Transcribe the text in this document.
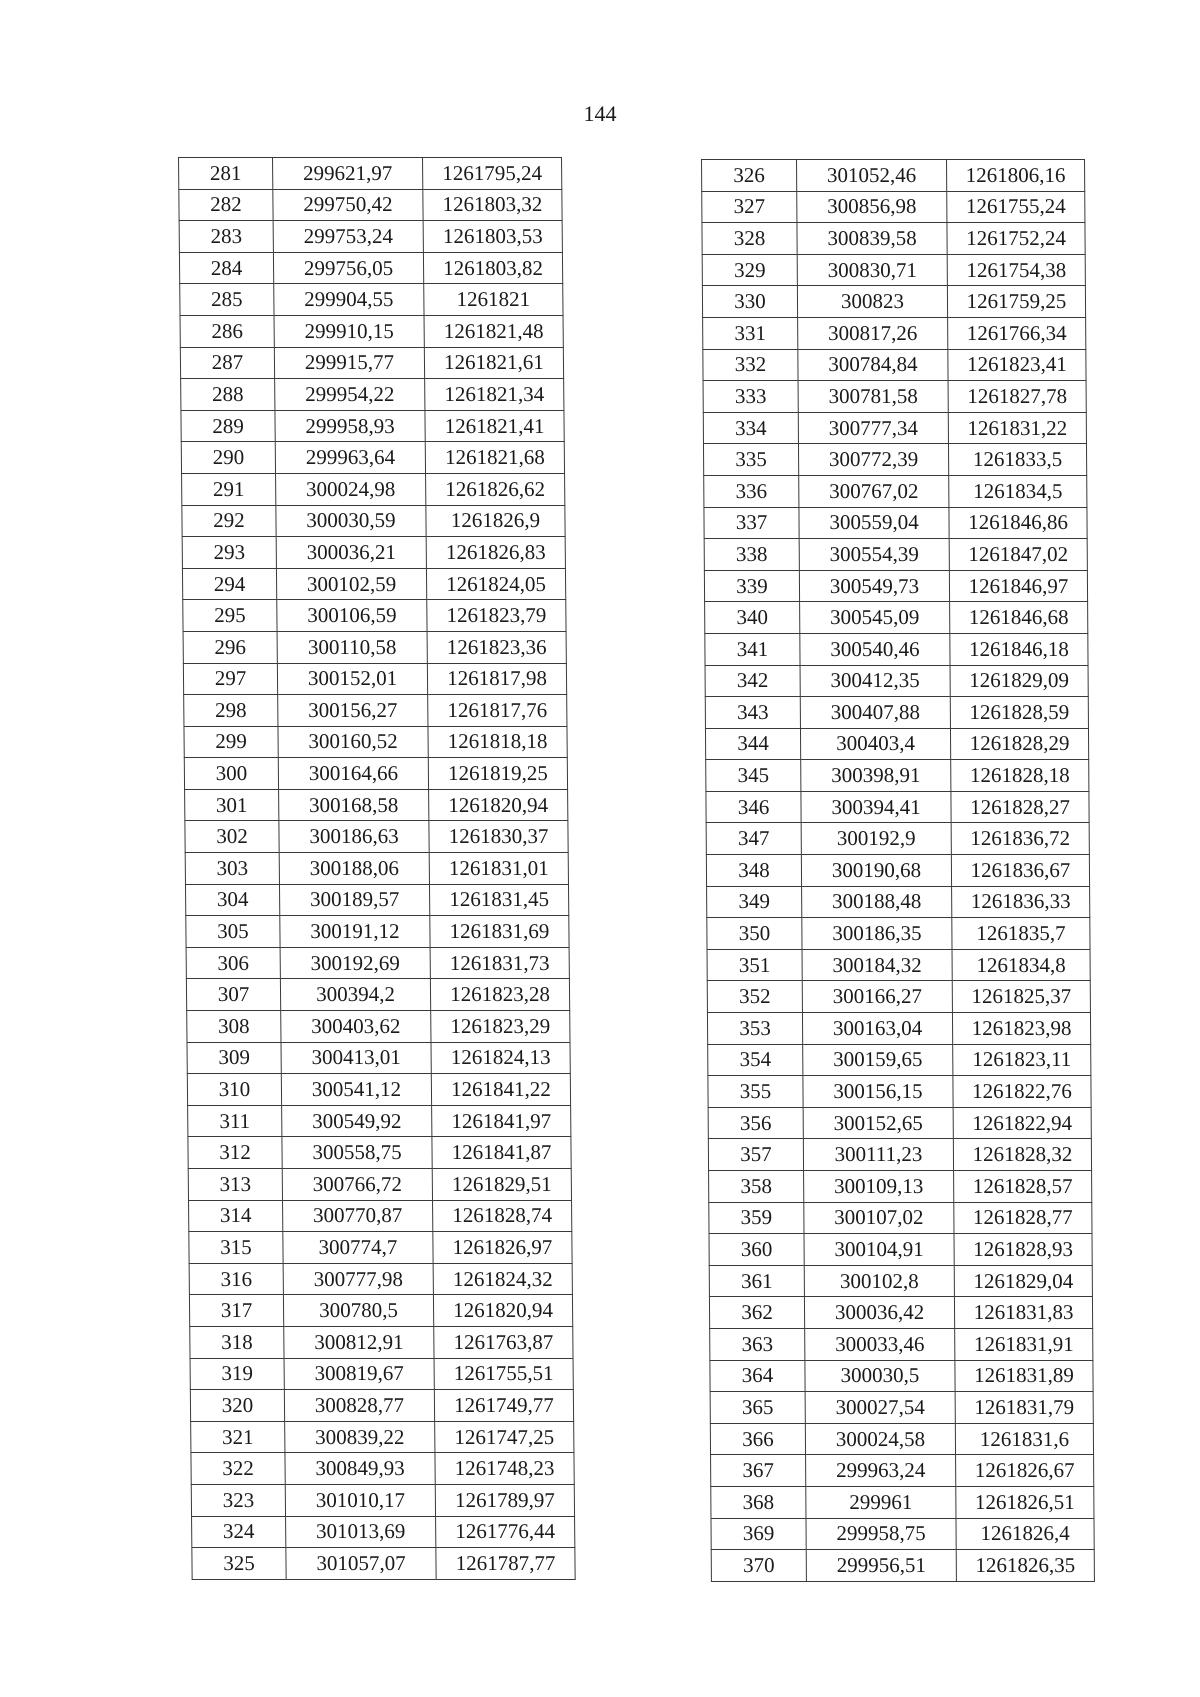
144
281	299621,97	1261795,24
282	299750,42	1261803,32
283	299753,24	1261803,53
284	299756,05	1261803,82
285	299904,55	1261821
286	299910,15	1261821,48
287	299915,77	1261821,61
288	299954,22	1261821,34
289	299958,93	1261821,41
290	299963,64	1261821,68
291	300024,98	1261826,62
292	300030,59	1261826,9
293	300036,21	1261826,83
294	300102,59	1261824,05
295	300106,59	1261823,79
296	300110,58	1261823,36
297	300152,01	1261817,98
298	300156,27	1261817,76
299	300160,52	1261818,18
300	300164,66	1261819,25
301	300168,58	1261820,94
302	300186,63	1261830,37
303	300188,06	1261831,01
304	300189,57	1261831,45
305	300191,12	1261831,69
306	300192,69	1261831,73
307	300394,2	1261823,28
308	300403,62	1261823,29
309	300413,01	1261824,13
310	300541,12	1261841,22
311	300549,92	1261841,97
312	300558,75	1261841,87
313	300766,72	1261829,51
314	300770,87	1261828,74
315	300774,7	1261826,97
316	300777,98	1261824,32
317	300780,5	1261820,94
318	300812,91	1261763,87
319	300819,67	1261755,51
320	300828,77	1261749,77
321	300839,22	1261747,25
322	300849,93	1261748,23
323	301010,17	1261789,97
324	301013,69	1261776,44
325	301057,07	1261787,77
326	301052,46	1261806,16
327	300856,98	1261755,24
328	300839,58	1261752,24
329	300830,71	1261754,38
330	300823	1261759,25
331	300817,26	1261766,34
332	300784,84	1261823,41
333	300781,58	1261827,78
334	300777,34	1261831,22
335	300772,39	1261833,5
336	300767,02	1261834,5
337	300559,04	1261846,86
338	300554,39	1261847,02
339	300549,73	1261846,97
340	300545,09	1261846,68
341	300540,46	1261846,18
342	300412,35	1261829,09
343	300407,88	1261828,59
344	300403,4	1261828,29
345	300398,91	1261828,18
346	300394,41	1261828,27
347	300192,9	1261836,72
348	300190,68	1261836,67
349	300188,48	1261836,33
350	300186,35	1261835,7
351	300184,32	1261834,8
352	300166,27	1261825,37
353	300163,04	1261823,98
354	300159,65	1261823,11
355	300156,15	1261822,76
356	300152,65	1261822,94
357	300111,23	1261828,32
358	300109,13	1261828,57
359	300107,02	1261828,77
360	300104,91	1261828,93
361	300102,8	1261829,04
362	300036,42	1261831,83
363	300033,46	1261831,91
364	300030,5	1261831,89
365	300027,54	1261831,79
366	300024,58	1261831,6
367	299963,24	1261826,67
368	299961	1261826,51
369	299958,75	1261826,4
370	299956,51	1261826,35
